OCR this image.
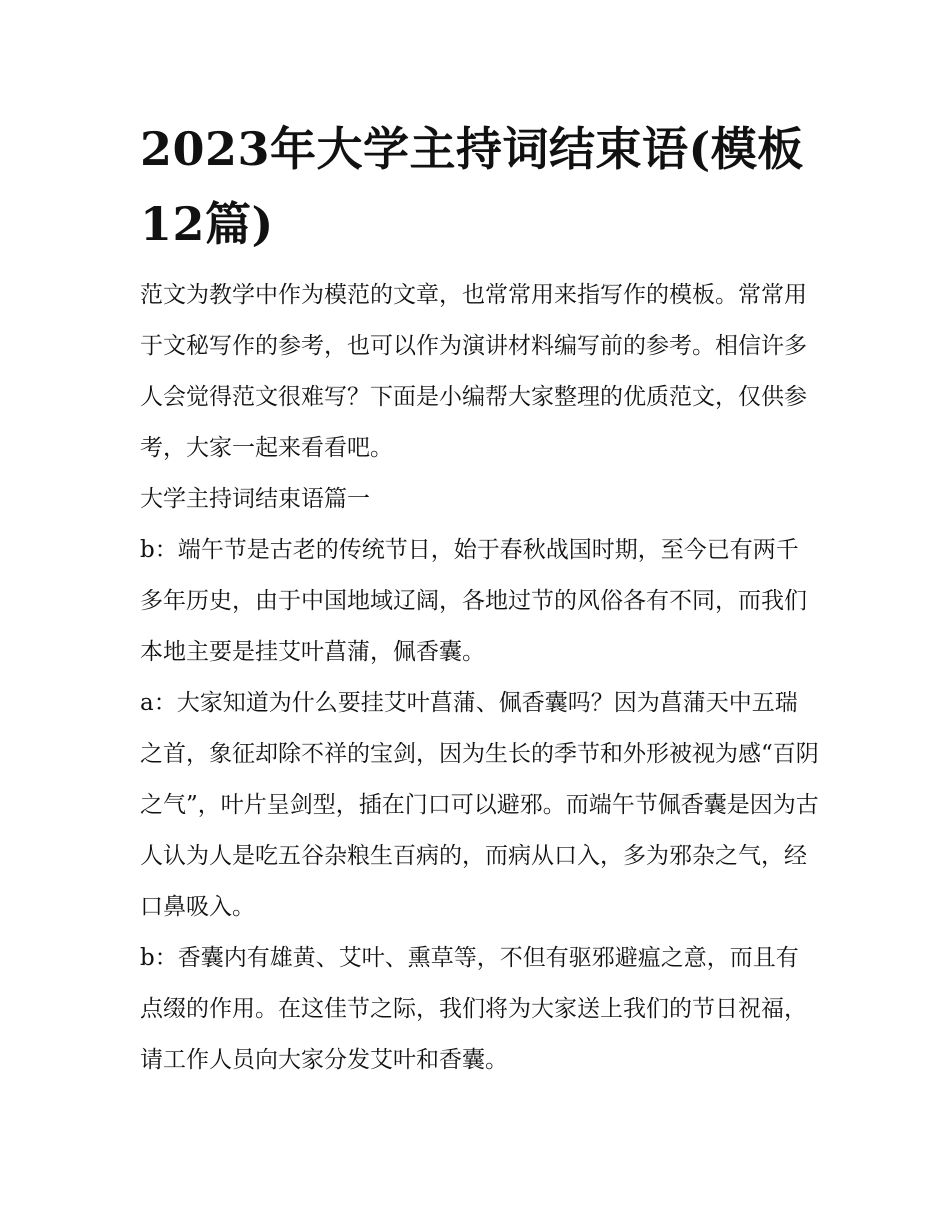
2023年大学主持词结束语(模板12篇)

范文为教学中作为模范的文章，也常常用来指写作的模板。常常用于文秘写作的参考，也可以作为演讲材料编写前的参考。相信许多人会觉得范文很难写？下面是小编帮大家整理的优质范文，仅供参考，大家一起来看看吧。

大学主持词结束语篇一

b：端午节是古老的传统节日，始于春秋战国时期，至今已有两千多年历史，由于中国地域辽阔，各地过节的风俗各有不同，而我们本地主要是挂艾叶菖蒲，佩香囊。

a：大家知道为什么要挂艾叶菖蒲、佩香囊吗？因为菖蒲天中五瑞之首，象征却除不祥的宝剑，因为生长的季节和外形被视为感“百阴之气”，叶片呈剑型，插在门口可以避邪。而端午节佩香囊是因为古人认为人是吃五谷杂粮生百病的，而病从口入，多为邪杂之气，经口鼻吸入。

b：香囊内有雄黄、艾叶、熏草等，不但有驱邪避瘟之意，而且有点缀的作用。在这佳节之际，我们将为大家送上我们的节日祝福，请工作人员向大家分发艾叶和香囊。
